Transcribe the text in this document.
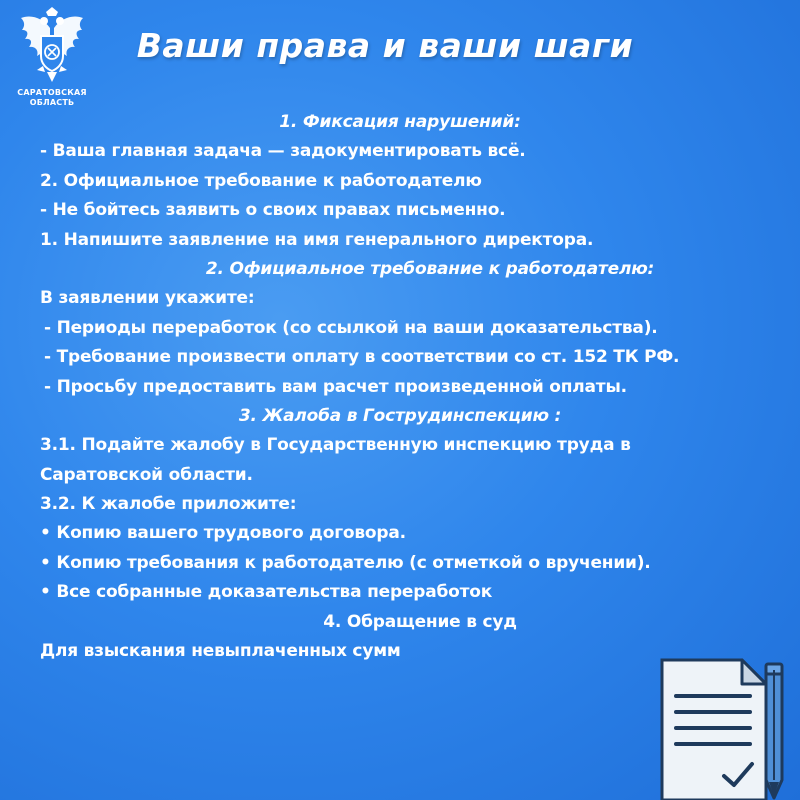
САРАТОВСКАЯ
ОБЛАСТЬ
Ваши права и ваши шаги
1. Фиксация нарушений:
- Ваша главная задача — задокументировать всё.
2. Официальное требование к работодателю
- Не бойтесь заявить о своих правах письменно.
1. Напишите заявление на имя генерального директора.
2. Официальное требование к работодателю:
В заявлении укажите:
- Периоды переработок (со ссылкой на ваши доказательства).
- Требование произвести оплату в соответствии со ст. 152 ТК РФ.
- Просьбу предоставить вам расчет произведенной оплаты.
3. Жалоба в Гострудинспекцию :
3.1. Подайте жалобу в Государственную инспекцию труда в
Саратовской области.
3.2. К жалобе приложите:
• Копию вашего трудового договора.
• Копию требования к работодателю (с отметкой о вручении).
• Все собранные доказательства переработок
4. Обращение в суд
Для взыскания невыплаченных сумм
